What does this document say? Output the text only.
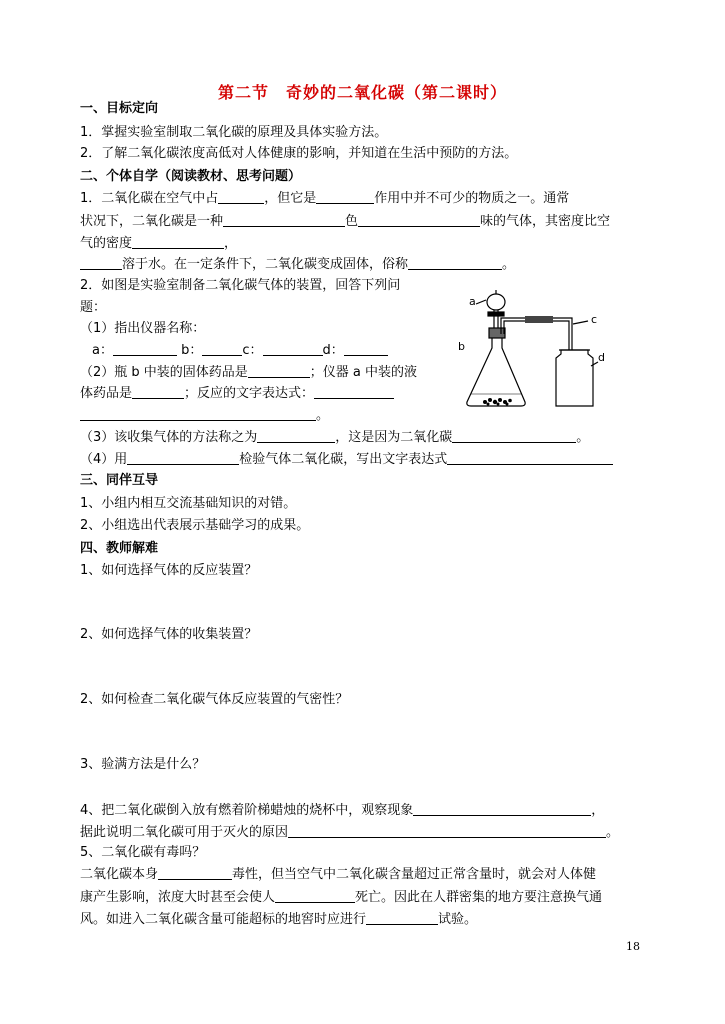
第二节　奇妙的二氧化碳（第二课时）
一、目标定向
1．掌握实验室制取二氧化碳的原理及具体实验方法。
2．了解二氧化碳浓度高低对人体健康的影响，并知道在生活中预防的方法。
二、个体自学（阅读教材、思考问题）
1．二氧化碳在空气中占	，但它是	作用中并不可少的物质之一。通常
状况下，二氧化碳是一种	色	味的气体，其密度比空
气的密度	，
溶于水。在一定条件下，二氧化碳变成固体，俗称	。
2．如图是实验室制备二氧化碳气体的装置，回答下列问
题：
（1）指出仪器名称：
a：	b：	c：	d：
（2）瓶 b 中装的固体药品是	；仪器 a 中装的液
体药品是	；反应的文字表达式：
。
（3）该收集气体的方法称之为	，这是因为二氧化碳	。
（4）用	检验气体二氧化碳，写出文字表达式
a
b
c
d
三、同伴互导
1、小组内相互交流基础知识的对错。
2、小组选出代表展示基础学习的成果。
四、教师解难
1、如何选择气体的反应装置？
2、如何选择气体的收集装置？
2、如何检查二氧化碳气体反应装置的气密性？
3、验满方法是什么？
4、把二氧化碳倒入放有燃着阶梯蜡烛的烧杯中，观察现象	，
据此说明二氧化碳可用于灭火的原因	。
5、二氧化碳有毒吗？
二氧化碳本身	毒性，但当空气中二氧化碳含量超过正常含量时，就会对人体健
康产生影响，浓度大时甚至会使人	死亡。因此在人群密集的地方要注意换气通
风。如进入二氧化碳含量可能超标的地窖时应进行	试验。
18
